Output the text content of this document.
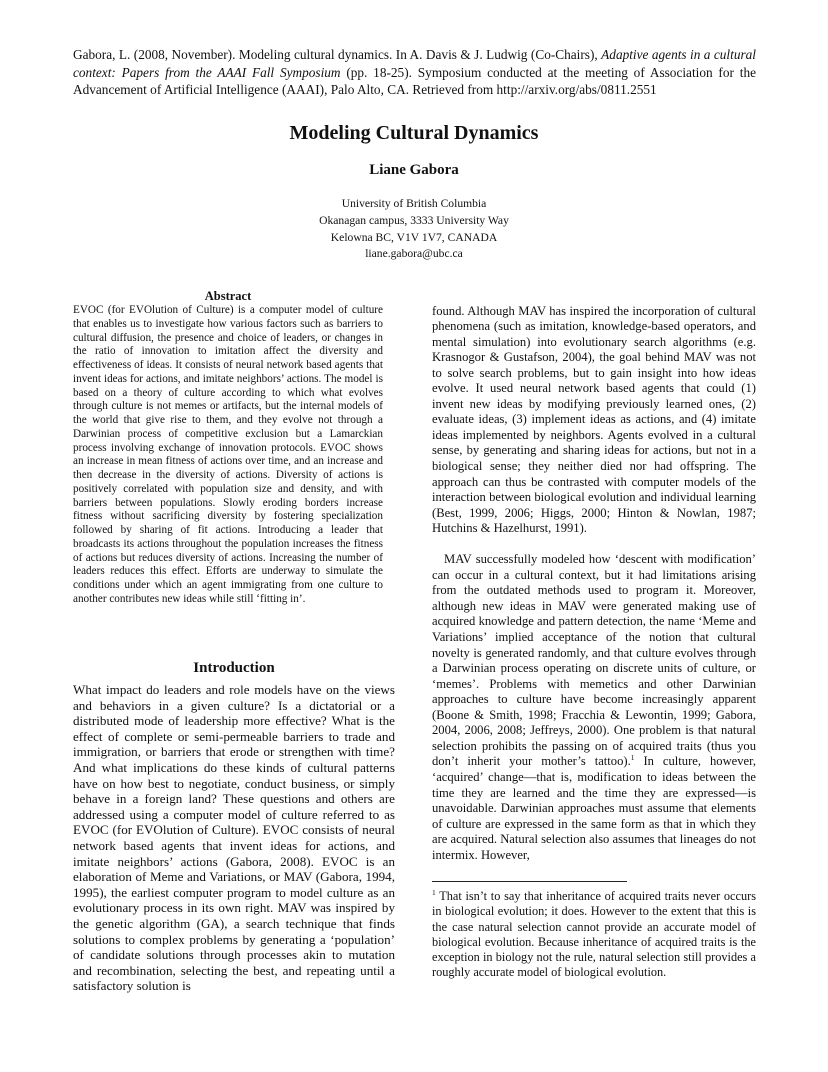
Gabora, L. (2008, November). Modeling cultural dynamics. In A. Davis & J. Ludwig (Co-Chairs), Adaptive agents in a cultural context: Papers from the AAAI Fall Symposium (pp. 18-25). Symposium conducted at the meeting of Association for the Advancement of Artificial Intelligence (AAAI), Palo Alto, CA. Retrieved from http://arxiv.org/abs/0811.2551
Modeling Cultural Dynamics
Liane Gabora
University of British Columbia
Okanagan campus, 3333 University Way
Kelowna BC, V1V 1V7, CANADA
liane.gabora@ubc.ca
Abstract

EVOC (for EVOlution of Culture) is a computer model of culture that enables us to investigate how various factors such as barriers to cultural diffusion, the presence and choice of leaders, or changes in the ratio of innovation to imitation affect the diversity and effectiveness of ideas. It consists of neural network based agents that invent ideas for actions, and imitate neighbors’ actions. The model is based on a theory of culture according to which what evolves through culture is not memes or artifacts, but the internal models of the world that give rise to them, and they evolve not through a Darwinian process of competitive exclusion but a Lamarckian process involving exchange of innovation protocols. EVOC shows an increase in mean fitness of actions over time, and an increase and then decrease in the diversity of actions. Diversity of actions is positively correlated with population size and density, and with barriers between populations. Slowly eroding borders increase fitness without sacrificing diversity by fostering specialization followed by sharing of fit actions. Introducing a leader that broadcasts its actions throughout the population increases the fitness of actions but reduces diversity of actions. Increasing the number of leaders reduces this effect. Efforts are underway to simulate the conditions under which an agent immigrating from one culture to another contributes new ideas while still ‘fitting in’.

Introduction

What impact do leaders and role models have on the views and behaviors in a given culture? Is a dictatorial or a distributed mode of leadership more effective? What is the effect of complete or semi-permeable barriers to trade and immigration, or barriers that erode or strengthen with time? And what implications do these kinds of cultural patterns have on how best to negotiate, conduct business, or simply behave in a foreign land? These questions and others are addressed using a computer model of culture referred to as EVOC (for EVOlution of Culture). EVOC consists of neural network based agents that invent ideas for actions, and imitate neighbors’ actions (Gabora, 2008). EVOC is an elaboration of Meme and Variations, or MAV (Gabora, 1994, 1995), the earliest computer program to model culture as an evolutionary process in its own right. MAV was inspired by the genetic algorithm (GA), a search technique that finds solutions to complex problems by generating a ‘population’ of candidate solutions through processes akin to mutation and recombination, selecting the best, and repeating until a satisfactory solution is

found. Although MAV has inspired the incorporation of cultural phenomena (such as imitation, knowledge-based operators, and mental simulation) into evolutionary search algorithms (e.g. Krasnogor & Gustafson, 2004), the goal behind MAV was not to solve search problems, but to gain insight into how ideas evolve. It used neural network based agents that could (1) invent new ideas by modifying previously learned ones, (2) evaluate ideas, (3) implement ideas as actions, and (4) imitate ideas implemented by neighbors. Agents evolved in a cultural sense, by generating and sharing ideas for actions, but not in a biological sense; they neither died nor had offspring. The approach can thus be contrasted with computer models of the interaction between biological evolution and individual learning (Best, 1999, 2006; Higgs, 2000; Hinton & Nowlan, 1987; Hutchins & Hazelhurst, 1991).

MAV successfully modeled how ‘descent with modification’ can occur in a cultural context, but it had limitations arising from the outdated methods used to program it. Moreover, although new ideas in MAV were generated making use of acquired knowledge and pattern detection, the name ‘Meme and Variations’ implied acceptance of the notion that cultural novelty is generated randomly, and that culture evolves through a Darwinian process operating on discrete units of culture, or ‘memes’. Problems with memetics and other Darwinian approaches to culture have become increasingly apparent (Boone & Smith, 1998; Fracchia & Lewontin, 1999; Gabora, 2004, 2006, 2008; Jeffreys, 2000). One problem is that natural selection prohibits the passing on of acquired traits (thus you don’t inherit your mother’s tattoo).$^1$ In culture, however, ‘acquired’ change—that is, modification to ideas between the time they are learned and the time they are expressed—is unavoidable. Darwinian approaches must assume that elements of culture are expressed in the same form as that in which they are acquired. Natural selection also assumes that lineages do not intermix. However,

$^1$ That isn’t to say that inheritance of acquired traits never occurs in biological evolution; it does. However to the extent that this is the case natural selection cannot provide an accurate model of biological evolution. Because inheritance of acquired traits is the exception in biology not the rule, natural selection still provides a roughly accurate model of biological evolution.
